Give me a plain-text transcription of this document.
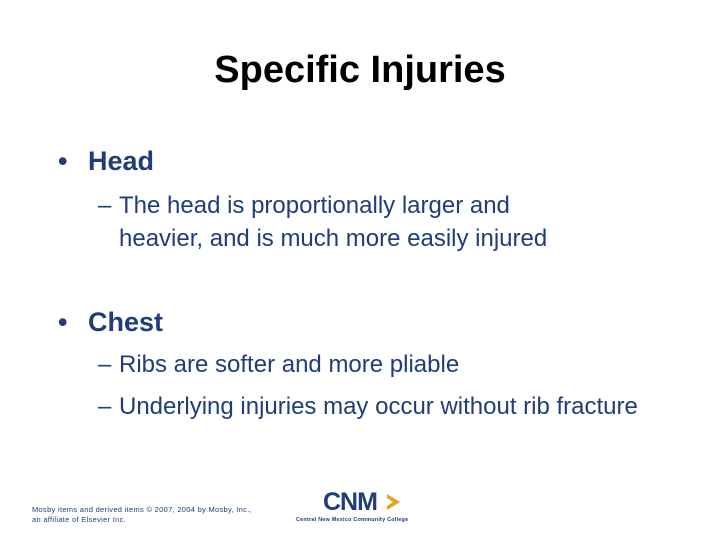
Specific Injuries
• Head
– The head is proportionally larger and heavier, and is much more easily injured
• Chest
– Ribs are softer and more pliable
– Underlying injuries may occur without rib fracture
Mosby items and derived items © 2007, 2004 by Mosby, Inc.,
an affiliate of Elsevier Inc.
CNM
Central New Mexico Community College
